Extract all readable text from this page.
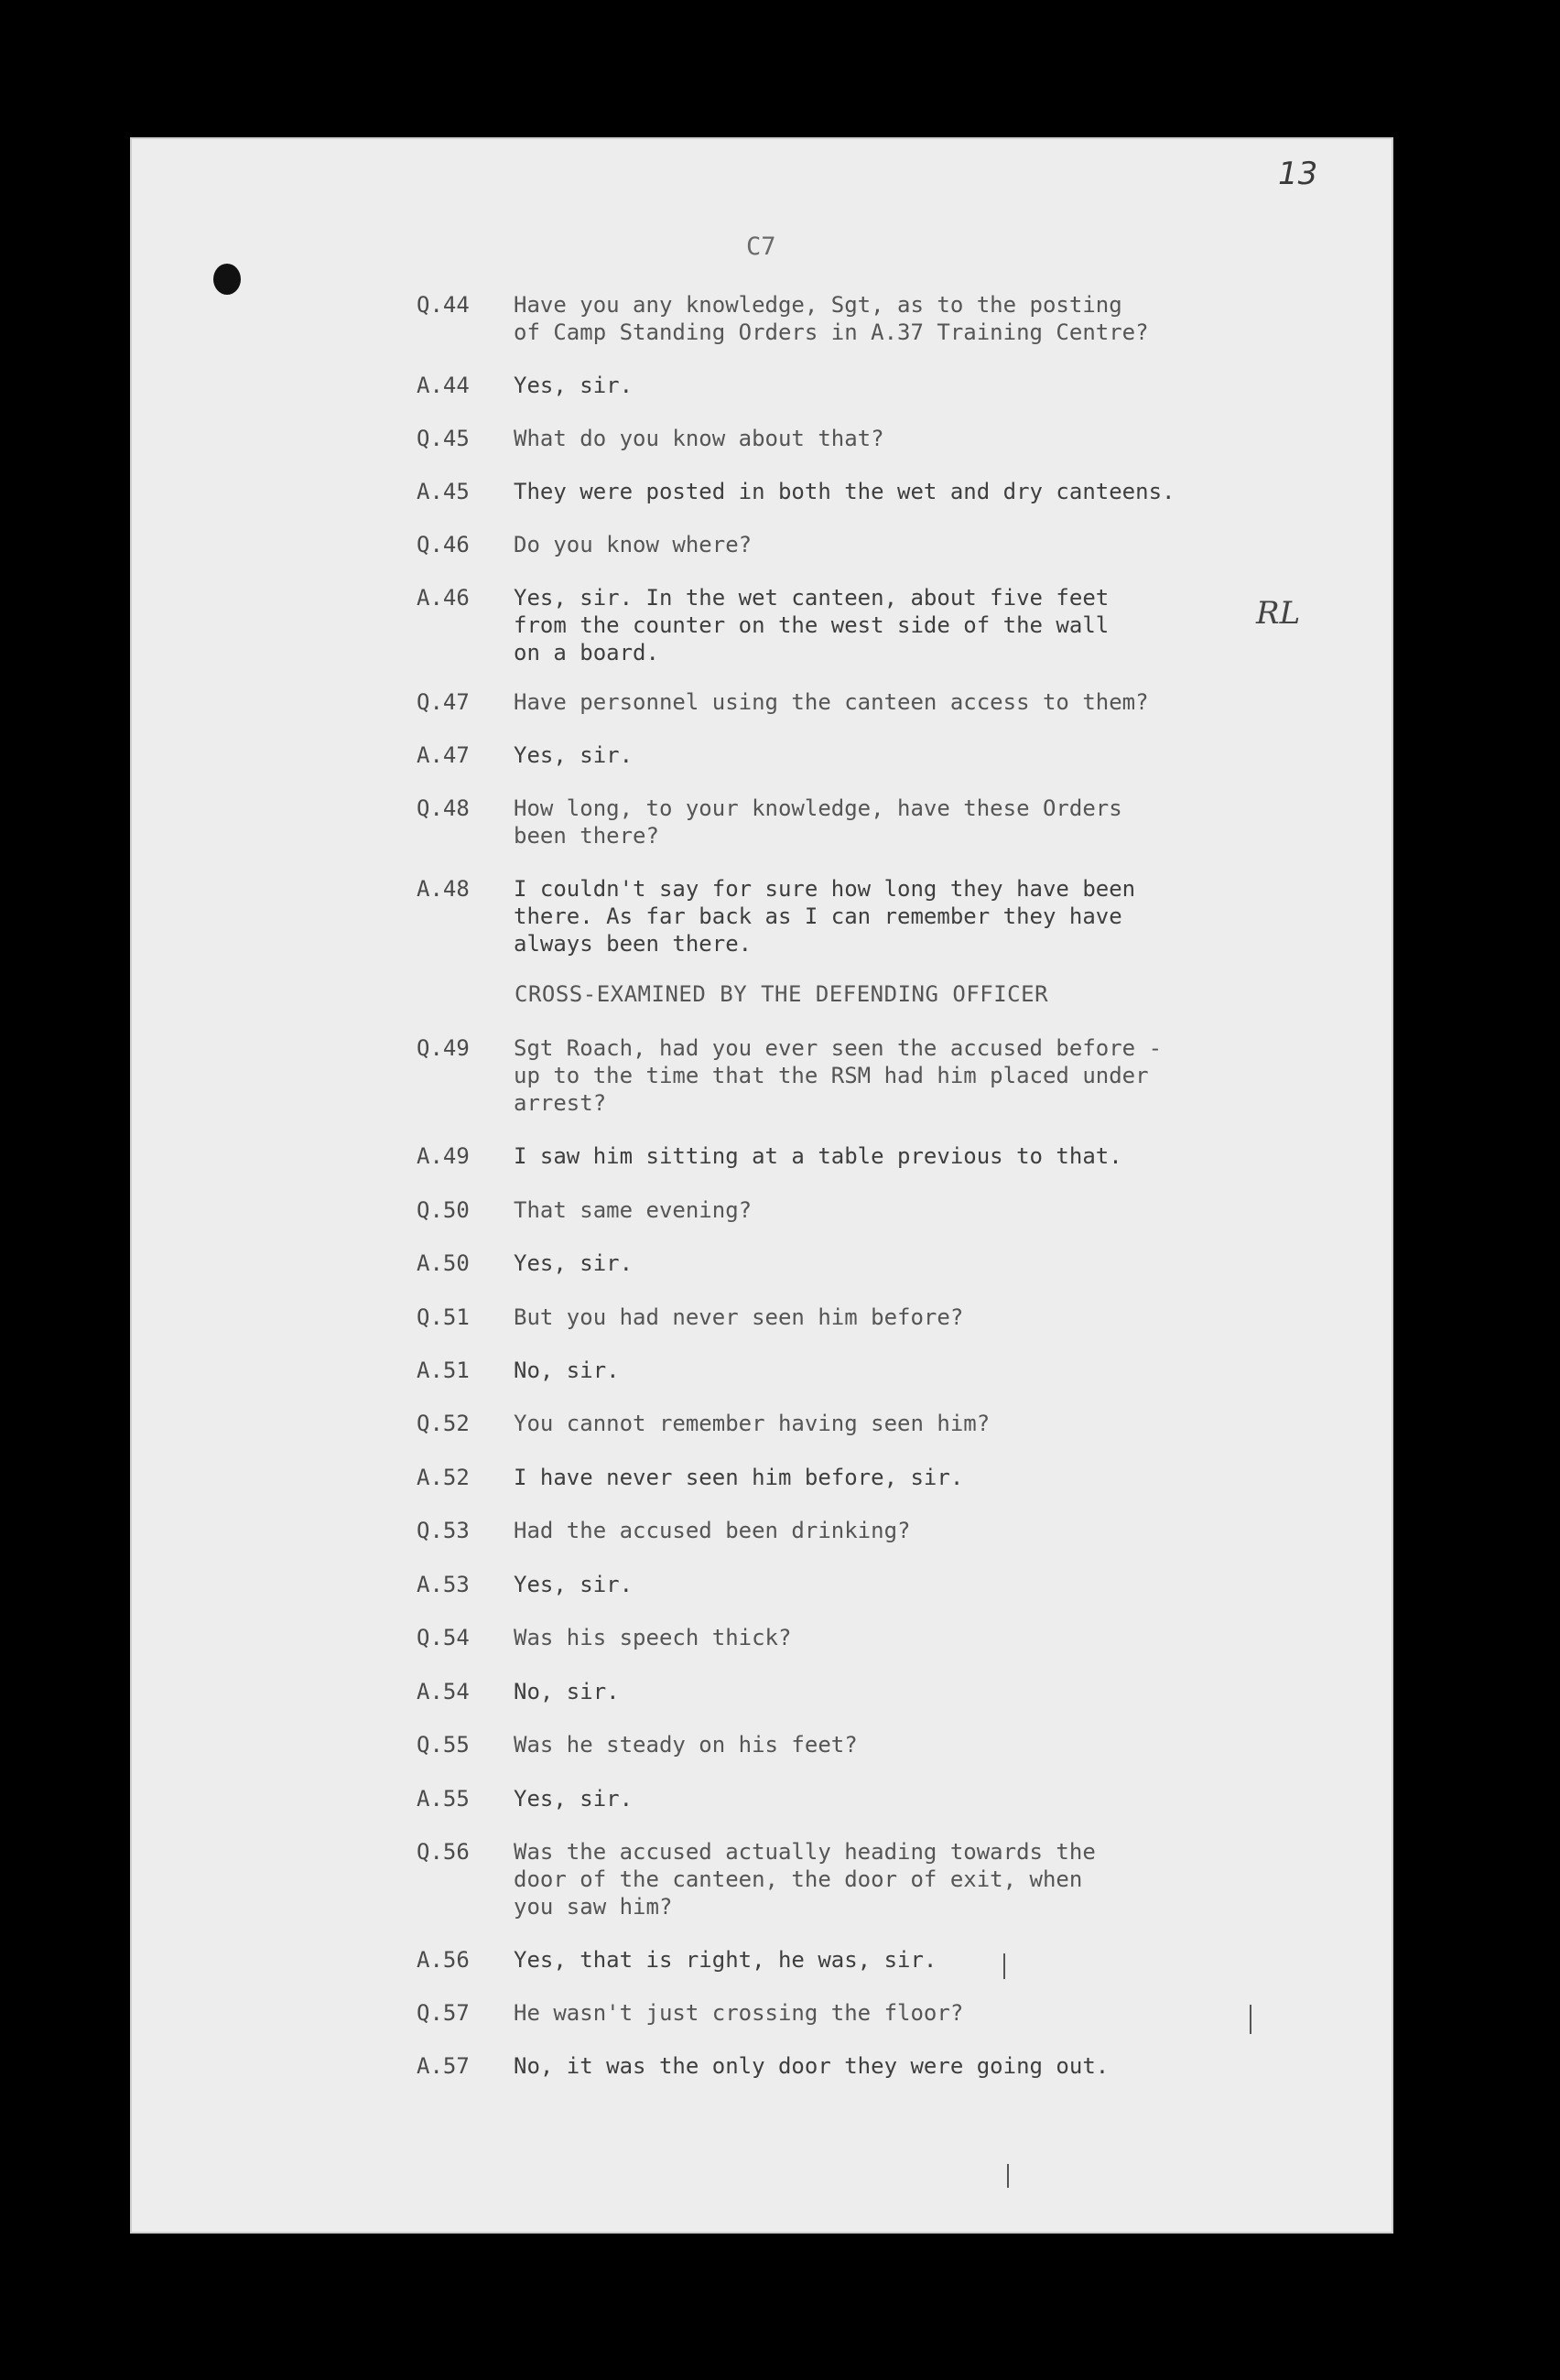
13
C7
RL
CROSS-EXAMINED BY THE DEFENDING OFFICER
Q.44	Have you any knowledge, Sgt, as to the posting
of Camp Standing Orders in A.37 Training Centre?
A.44	Yes, sir.
Q.45	What do you know about that?
A.45	They were posted in both the wet and dry canteens.
Q.46	Do you know where?
A.46	Yes, sir. In the wet canteen, about five feet
from the counter on the west side of the wall
on a board.
Q.47	Have personnel using the canteen access to them?
A.47	Yes, sir.
Q.48	How long, to your knowledge, have these Orders
been there?
A.48	I couldn't say for sure how long they have been
there. As far back as I can remember they have
always been there.
Q.49	Sgt Roach, had you ever seen the accused before -
up to the time that the RSM had him placed under
arrest?
A.49	I saw him sitting at a table previous to that.
Q.50	That same evening?
A.50	Yes, sir.
Q.51	But you had never seen him before?
A.51	No, sir.
Q.52	You cannot remember having seen him?
A.52	I have never seen him before, sir.
Q.53	Had the accused been drinking?
A.53	Yes, sir.
Q.54	Was his speech thick?
A.54	No, sir.
Q.55	Was he steady on his feet?
A.55	Yes, sir.
Q.56	Was the accused actually heading towards the
door of the canteen, the door of exit, when
you saw him?
A.56	Yes, that is right, he was, sir.
Q.57	He wasn't just crossing the floor?
A.57	No, it was the only door they were going out.
